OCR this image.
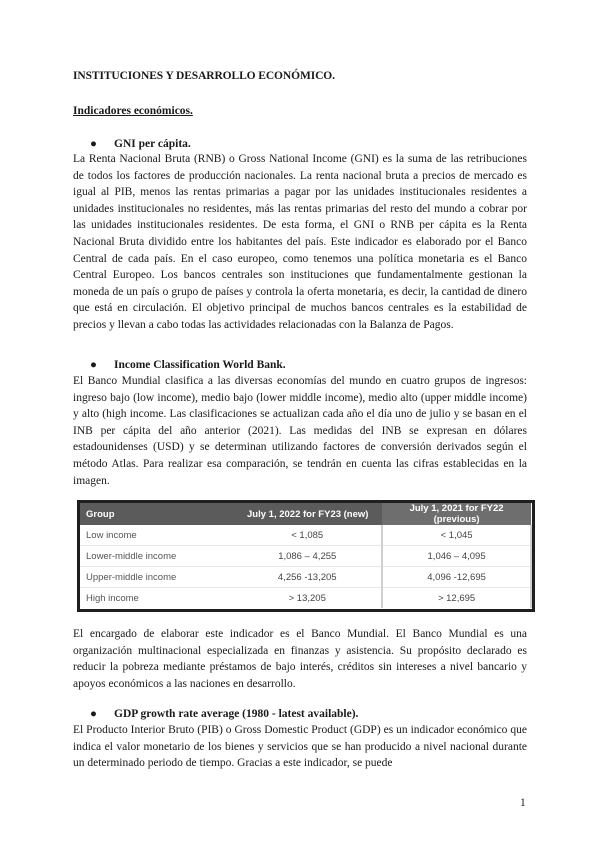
INSTITUCIONES Y DESARROLLO ECONÓMICO.
Indicadores económicos.
● GNI per cápita.
La Renta Nacional Bruta (RNB) o Gross National Income (GNI) es la suma de las retribuciones de todos los factores de producción nacionales. La renta nacional bruta a precios de mercado es igual al PIB, menos las rentas primarias a pagar por las unidades institucionales residentes a unidades institucionales no residentes, más las rentas primarias del resto del mundo a cobrar por las unidades institucionales residentes. De esta forma, el GNI o RNB per cápita es la Renta Nacional Bruta dividido entre los habitantes del país. Este indicador es elaborado por el Banco Central de cada país. En el caso europeo, como tenemos una política monetaria es el Banco Central Europeo. Los bancos centrales son instituciones que fundamentalmente gestionan la moneda de un país o grupo de países y controla la oferta monetaria, es decir, la cantidad de dinero que está en circulación. El objetivo principal de muchos bancos centrales es la estabilidad de precios y llevan a cabo todas las actividades relacionadas con la Balanza de Pagos.
● Income Classification World Bank.
El Banco Mundial clasifica a las diversas economías del mundo en cuatro grupos de ingresos: ingreso bajo (low income), medio bajo (lower middle income), medio alto (upper middle income) y alto (high income. Las clasificaciones se actualizan cada año el día uno de julio y se basan en el INB per cápita del año anterior (2021). Las medidas del INB se expresan en dólares estadounidenses (USD) y se determinan utilizando factores de conversión derivados según el método Atlas. Para realizar esa comparación, se tendrán en cuenta las cifras establecidas en la imagen.
Group	July 1, 2022 for FY23 (new)	July 1, 2021 for FY22 (previous)
Low income	< 1,085	< 1,045
Lower-middle income	1,086 – 4,255	1,046 – 4,095
Upper-middle income	4,256 -13,205	4,096 -12,695
High income	> 13,205	> 12,695
El encargado de elaborar este indicador es el Banco Mundial. El Banco Mundial es una organización multinacional especializada en finanzas y asistencia. Su propósito declarado es reducir la pobreza mediante préstamos de bajo interés, créditos sin intereses a nivel bancario y apoyos económicos a las naciones en desarrollo.
● GDP growth rate average (1980 - latest available).
El Producto Interior Bruto (PIB) o Gross Domestic Product (GDP) es un indicador económico que indica el valor monetario de los bienes y servicios que se han producido a nivel nacional durante un determinado periodo de tiempo. Gracias a este indicador, se puede
1
